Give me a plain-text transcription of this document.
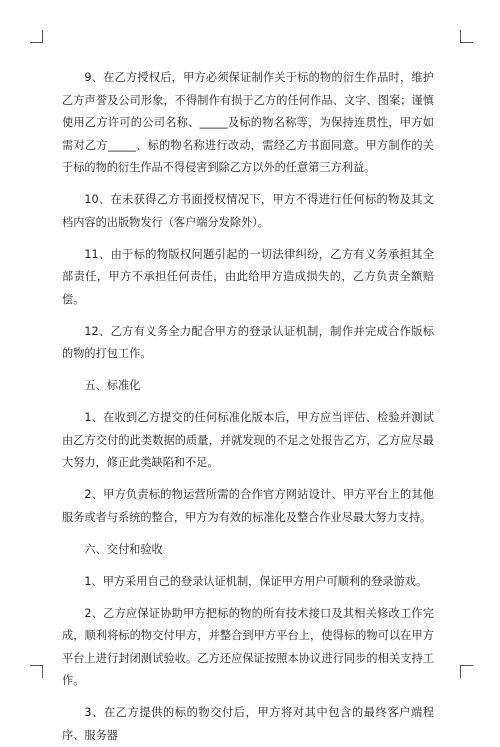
9、在乙方授权后，甲方必须保证制作关于标的物的衍生作品时，维护乙方声誉及公司形象，不得制作有损于乙方的任何作品、文字、图案；谨慎使用乙方许可的公司名称、_____及标的物名称等，为保持连贯性，甲方如需对乙方_____、标的物名称进行改动，需经乙方书面同意。甲方制作的关于标的物的衍生作品不得侵害到除乙方以外的任意第三方利益。

10、在未获得乙方书面授权情况下，甲方不得进行任何标的物及其文档内容的出版物发行（客户端分发除外）。

11、由于标的物版权问题引起的一切法律纠纷，乙方有义务承担其全部责任，甲方不承担任何责任，由此给甲方造成损失的，乙方负责全额赔偿。

12、乙方有义务全力配合甲方的登录认证机制，制作并完成合作版标的物的打包工作。

五、标准化

1、在收到乙方提交的任何标准化版本后，甲方应当评估、检验并测试由乙方交付的此类数据的质量，并就发现的不足之处报告乙方，乙方应尽最大努力，修正此类缺陷和不足。

2、甲方负责标的物运营所需的合作官方网站设计、甲方平台上的其他服务或者与系统的整合，甲方为有效的标准化及整合作业尽最大努力支持。

六、交付和验收

1、甲方采用自己的登录认证机制，保证甲方用户可顺利的登录游戏。

2、乙方应保证协助甲方把标的物的所有技术接口及其相关修改工作完成，顺利将标的物交付甲方，并整合到甲方平台上，使得标的物可以在甲方平台上进行封闭测试验收。乙方还应保证按照本协议进行同步的相关支持工作。

3、在乙方提供的标的物交付后，甲方将对其中包含的最终客户端程序、服务器
